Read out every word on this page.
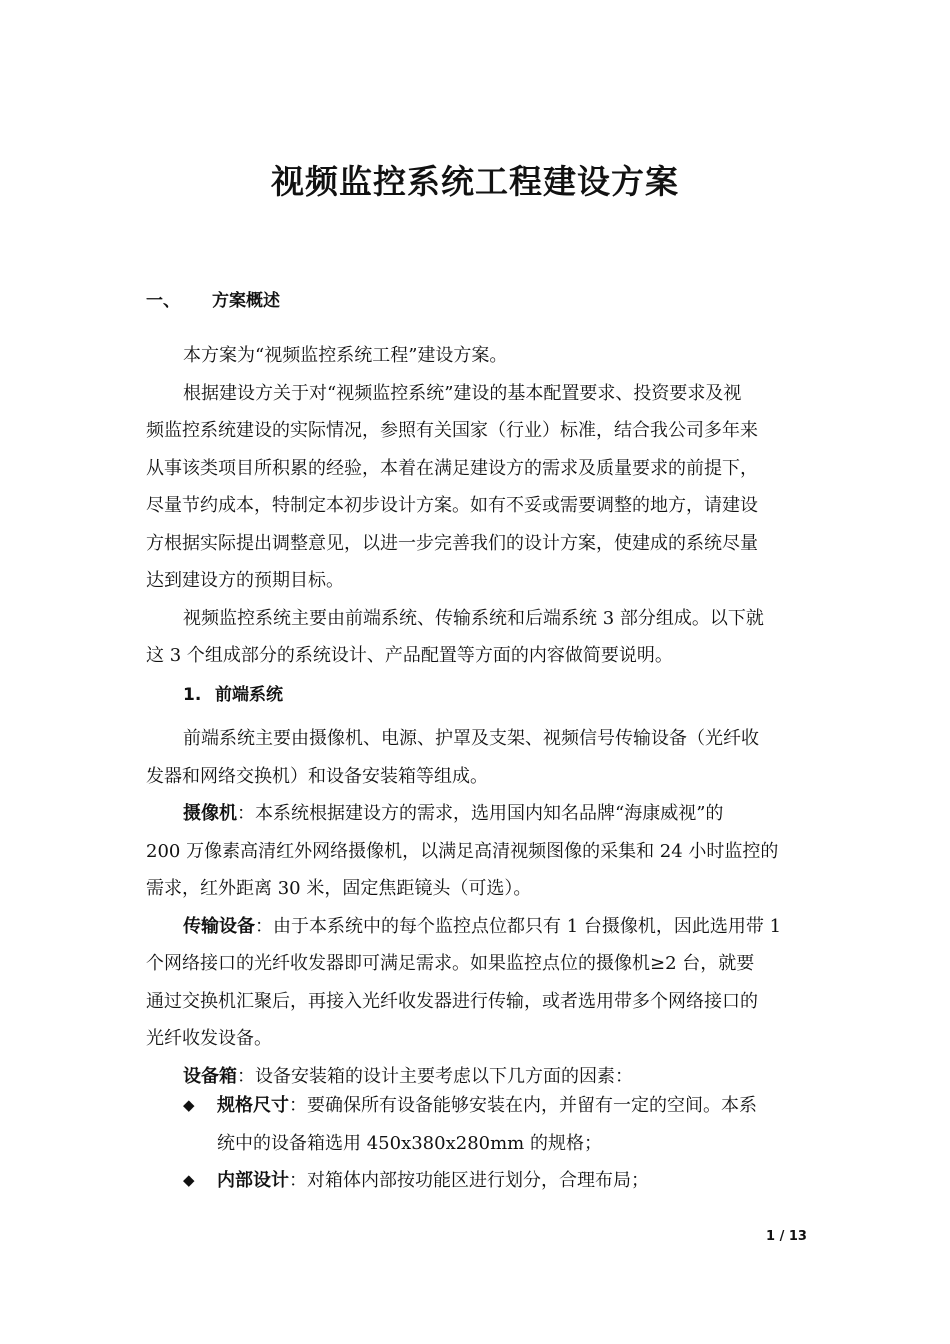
视频监控系统工程建设方案
一、 方案概述
本方案为“视频监控系统工程”建设方案。
根据建设方关于对“视频监控系统”建设的基本配置要求、投资要求及视
频监控系统建设的实际情况，参照有关国家（行业）标准，结合我公司多年来
从事该类项目所积累的经验，本着在满足建设方的需求及质量要求的前提下，
尽量节约成本，特制定本初步设计方案。如有不妥或需要调整的地方，请建设
方根据实际提出调整意见，以进一步完善我们的设计方案，使建成的系统尽量
达到建设方的预期目标。
视频监控系统主要由前端系统、传输系统和后端系统 3 部分组成。以下就
这 3 个组成部分的系统设计、产品配置等方面的内容做简要说明。
1. 前端系统
前端系统主要由摄像机、电源、护罩及支架、视频信号传输设备（光纤收
发器和网络交换机）和设备安装箱等组成。
摄像机：本系统根据建设方的需求，选用国内知名品牌“海康威视”的
200 万像素高清红外网络摄像机，以满足高清视频图像的采集和 24 小时监控的
需求，红外距离 30 米，固定焦距镜头（可选）。
传输设备：由于本系统中的每个监控点位都只有 1 台摄像机，因此选用带 1
个网络接口的光纤收发器即可满足需求。如果监控点位的摄像机≥2 台，就要
通过交换机汇聚后，再接入光纤收发器进行传输，或者选用带多个网络接口的
光纤收发设备。
设备箱：设备安装箱的设计主要考虑以下几方面的因素：
◆ 规格尺寸：要确保所有设备能够安装在内，并留有一定的空间。本系
统中的设备箱选用 450x380x280mm 的规格；
◆ 内部设计：对箱体内部按功能区进行划分，合理布局；
1 / 13
